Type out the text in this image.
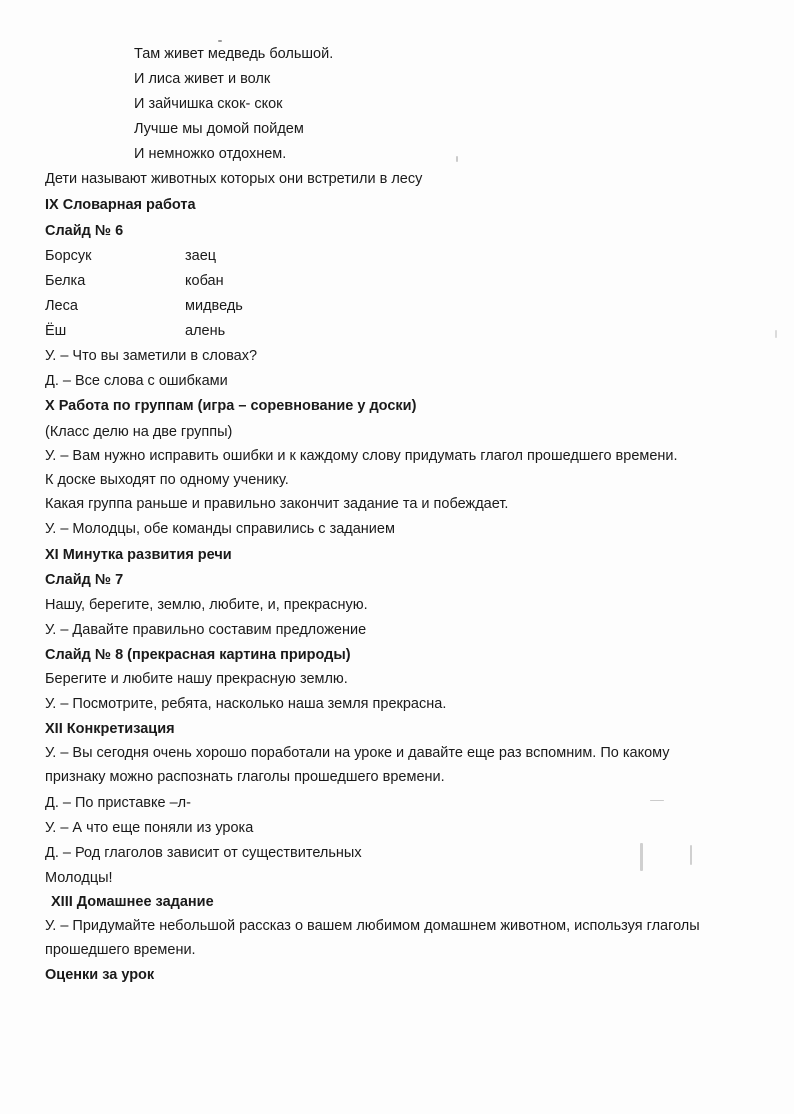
Там живет медведь большой.
И лиса живет и волк
И зайчишка скок- скок
Лучше мы домой пойдем
И немножко отдохнем.
Дети называют животных которых они встретили в лесу
IX Словарная работа
Слайд № 6
Борсук	заец
Белка	кобан
Леса	мидведь
Ёш	алень
У. – Что вы заметили в словах?
Д. – Все слова с ошибками
X Работа по группам (игра – соревнование у доски)
(Класс делю на две группы)
У. – Вам нужно исправить ошибки и к каждому слову придумать глагол прошедшего времени.
К доске выходят по одному ученику.
Какая группа раньше и правильно закончит задание та и побеждает.
У. – Молодцы, обе команды справились с заданием
XI Минутка развития речи
Слайд № 7
Нашу, берегите, землю, любите, и, прекрасную.
У. – Давайте правильно составим предложение
Слайд № 8 (прекрасная картина природы)
Берегите и любите нашу прекрасную землю.
У. – Посмотрите, ребята, насколько наша земля прекрасна.
XII Конкретизация
У. – Вы сегодня очень хорошо поработали на уроке и давайте еще раз вспомним. По какому
признаку можно распознать глаголы прошедшего времени.
Д. – По приставке –л-
У. – А что еще поняли из урока
Д. – Род глаголов зависит от существительных
Молодцы!
XIII Домашнее задание
У. – Придумайте небольшой рассказ о вашем любимом домашнем животном, используя глаголы
прошедшего времени.
Оценки за урок
